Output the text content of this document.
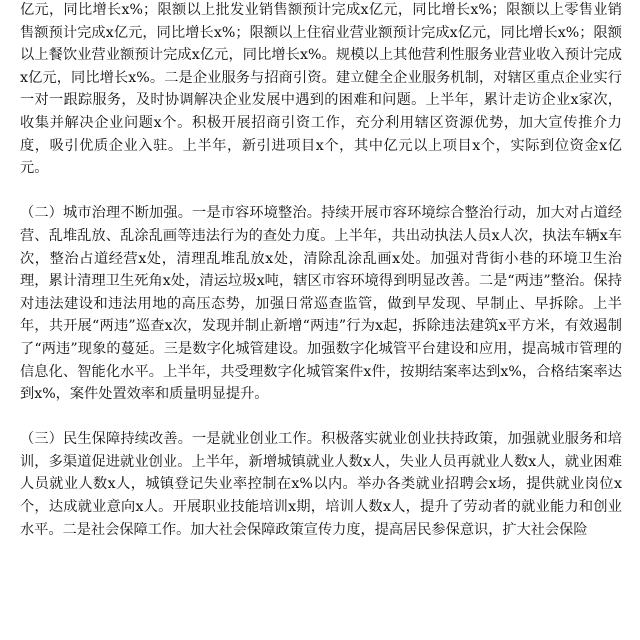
亿元，同比增长x%；限额以上批发业销售额预计完成x亿元，同比增长x%；限额以上零售业销售额预计完成x亿元，同比增长x%；限额以上住宿业营业额预计完成x亿元，同比增长x%；限额以上餐饮业营业额预计完成x亿元，同比增长x%。规模以上其他营利性服务业营业收入预计完成x亿元，同比增长x%。二是企业服务与招商引资。建立健全企业服务机制，对辖区重点企业实行一对一跟踪服务，及时协调解决企业发展中遇到的困难和问题。上半年，累计走访企业x家次，收集并解决企业问题x个。积极开展招商引资工作，充分利用辖区资源优势，加大宣传推介力度，吸引优质企业入驻。上半年，新引进项目x个，其中亿元以上项目x个，实际到位资金x亿元。

（二）城市治理不断加强。一是市容环境整治。持续开展市容环境综合整治行动，加大对占道经营、乱堆乱放、乱涂乱画等违法行为的查处力度。上半年，共出动执法人员x人次，执法车辆x车次，整治占道经营x处，清理乱堆乱放x处，清除乱涂乱画x处。加强对背街小巷的环境卫生治理，累计清理卫生死角x处，清运垃圾x吨，辖区市容环境得到明显改善。二是“两违”整治。保持对违法建设和违法用地的高压态势，加强日常巡查监管，做到早发现、早制止、早拆除。上半年，共开展“两违”巡查x次，发现并制止新增“两违”行为x起，拆除违法建筑x平方米，有效遏制了“两违”现象的蔓延。三是数字化城管建设。加强数字化城管平台建设和应用，提高城市管理的信息化、智能化水平。上半年，共受理数字化城管案件x件，按期结案率达到x%，合格结案率达到x%，案件处置效率和质量明显提升。

（三）民生保障持续改善。一是就业创业工作。积极落实就业创业扶持政策，加强就业服务和培训，多渠道促进就业创业。上半年，新增城镇就业人数x人，失业人员再就业人数x人，就业困难人员就业人数x人，城镇登记失业率控制在x%以内。举办各类就业招聘会x场，提供就业岗位x个，达成就业意向x人。开展职业技能培训x期，培训人数x人，提升了劳动者的就业能力和创业水平。二是社会保障工作。加大社会保障政策宣传力度，提高居民参保意识，扩大社会保险
